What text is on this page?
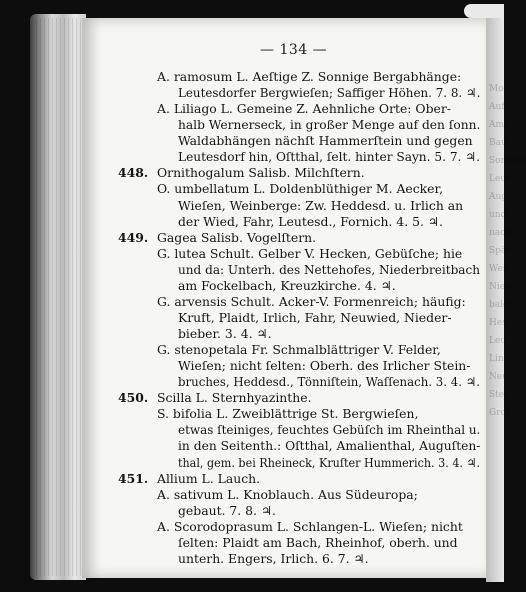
Mos
Auf
Amp
Bau
Sonnige
Leut
Augen
und
nach
Spät
Wes
Nied
bald
Hes
Leu
Lin
Neu
Stei
Groß
— 134 —
A. ramosum L. Aeſtige Z. Sonnige Bergabhänge:
Leutesdorfer Bergwieſen; Saffiger Höhen. 7. 8. ♃.
A. Liliago L. Gemeine Z. Aehnliche Orte: Ober-
halb Wernerseck, in großer Menge auf den ſonn.
Waldabhängen nächſt Hammerſtein und gegen
Leutesdorf hin, Oſtthal, ſelt. hinter Sayn. 5. 7. ♃.
448. Ornithogalum Salisb. Milchſtern.
O. umbellatum L. Doldenblüthiger M. Aecker,
Wieſen, Weinberge: Zw. Heddesd. u. Irlich an
der Wied, Fahr, Leutesd., Fornich. 4. 5. ♃.
449. Gagea Salisb. Vogelſtern.
G. lutea Schult. Gelber V. Hecken, Gebüſche; hie
und da: Unterh. des Nettehofes, Niederbreitbach
am Fockelbach, Kreuzkirche. 4. ♃.
G. arvensis Schult. Acker-V. Formenreich; häufig:
Kruft, Plaidt, Irlich, Fahr, Neuwied, Nieder-
bieber. 3. 4. ♃.
G. stenopetala Fr. Schmalblättriger V. Felder,
Wieſen; nicht ſelten: Oberh. des Irlicher Stein-
bruches, Heddesd., Tönniſtein, Waſſenach. 3. 4. ♃.
450. Scilla L. Sternhyazinthe.
S. bifolia L. Zweiblättrige St. Bergwieſen,
etwas ſteiniges, feuchtes Gebüſch im Rheinthal u.
in den Seitenth.: Oſtthal, Amalienthal, Auguſten-
thal, gem. bei Rheineck, Kruſter Hummerich. 3. 4. ♃.
451. Allium L. Lauch.
A. sativum L. Knoblauch. Aus Südeuropa;
gebaut. 7. 8. ♃.
A. Scorodoprasum L. Schlangen-L. Wieſen; nicht
ſelten: Plaidt am Bach, Rheinhof, oberh. und
unterh. Engers, Irlich. 6. 7. ♃.
